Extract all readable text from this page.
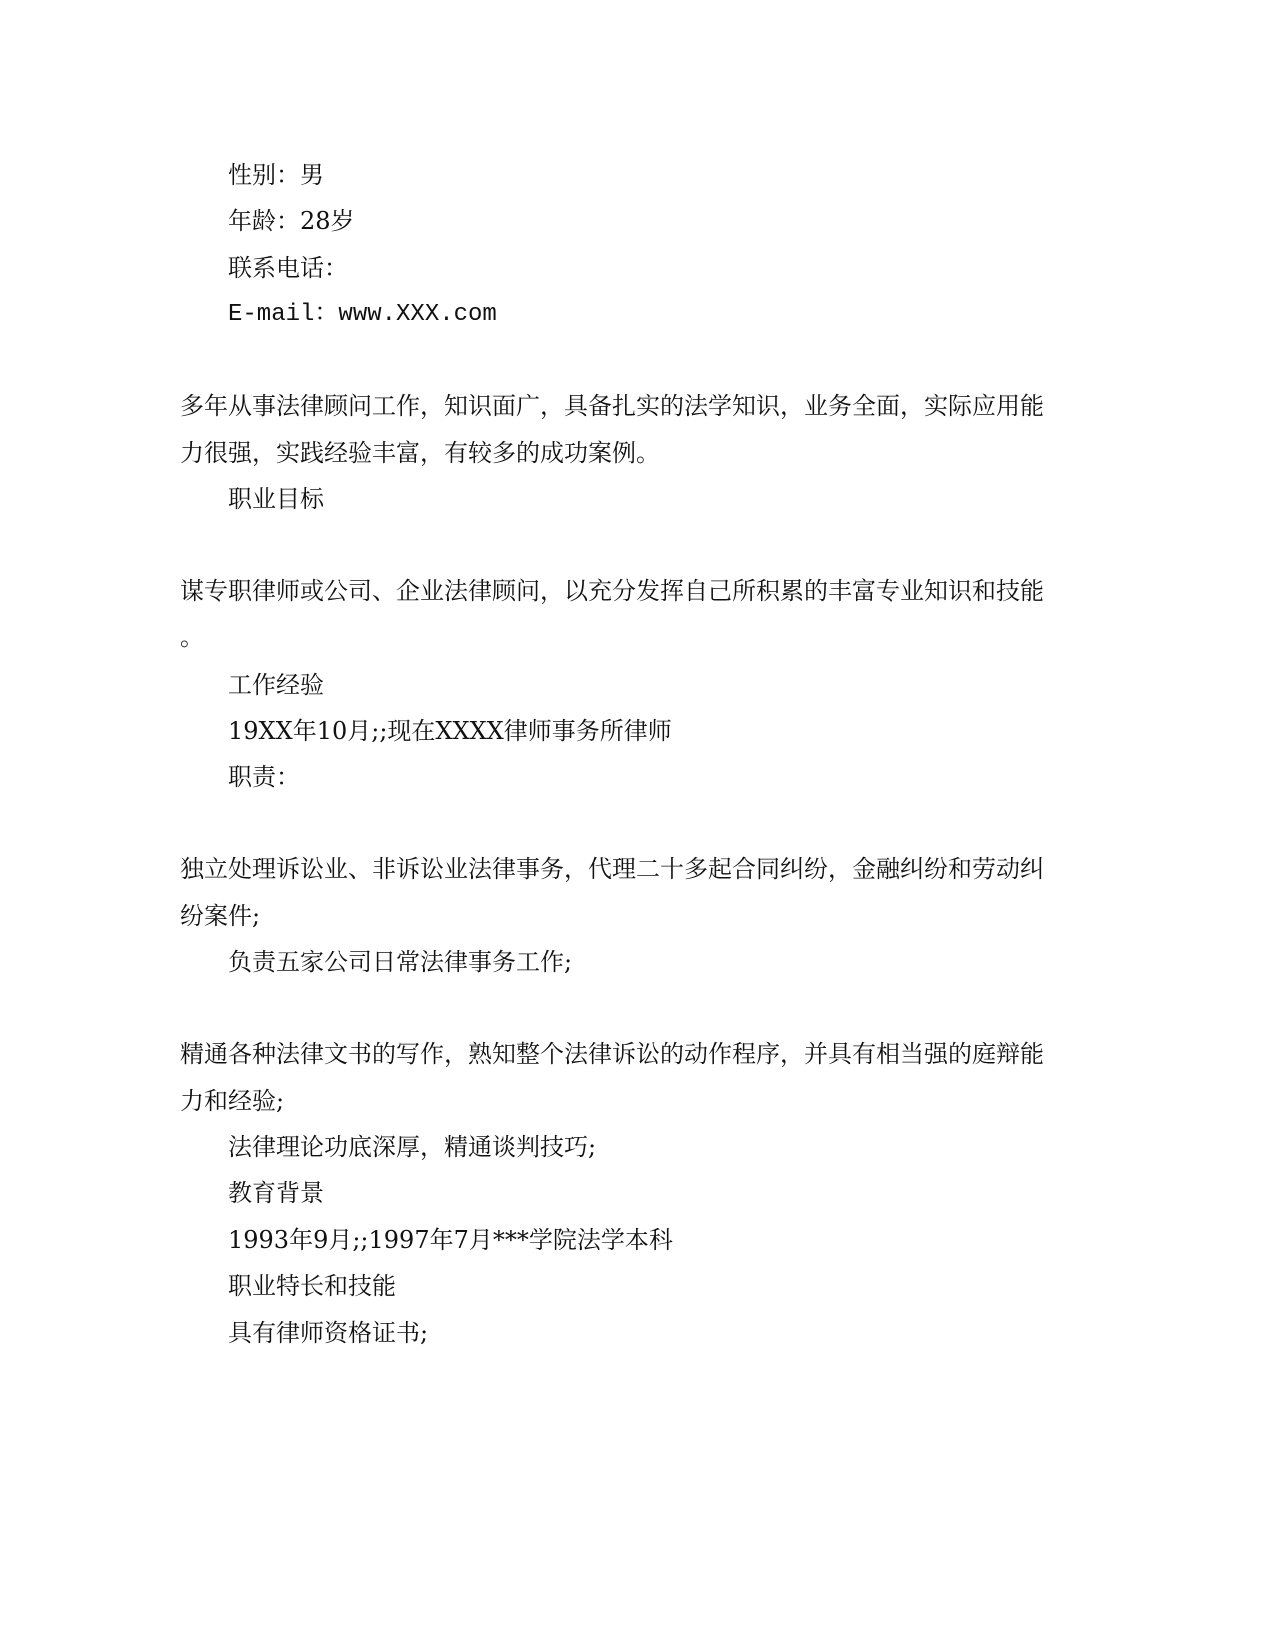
性别：男
年龄：28岁
联系电话：
E-mail：www.XXX.com
多年从事法律顾问工作，知识面广，具备扎实的法学知识，业务全面，实际应用能
力很强，实践经验丰富，有较多的成功案例。
职业目标
谋专职律师或公司、企业法律顾问，以充分发挥自己所积累的丰富专业知识和技能
。
工作经验
19XX年10月;;现在XXXX律师事务所律师
职责：
独立处理诉讼业、非诉讼业法律事务，代理二十多起合同纠纷，金融纠纷和劳动纠
纷案件;
负责五家公司日常法律事务工作;
精通各种法律文书的写作，熟知整个法律诉讼的动作程序，并具有相当强的庭辩能
力和经验;
法律理论功底深厚，精通谈判技巧;
教育背景
1993年9月;;1997年7月***学院法学本科
职业特长和技能
具有律师资格证书;
